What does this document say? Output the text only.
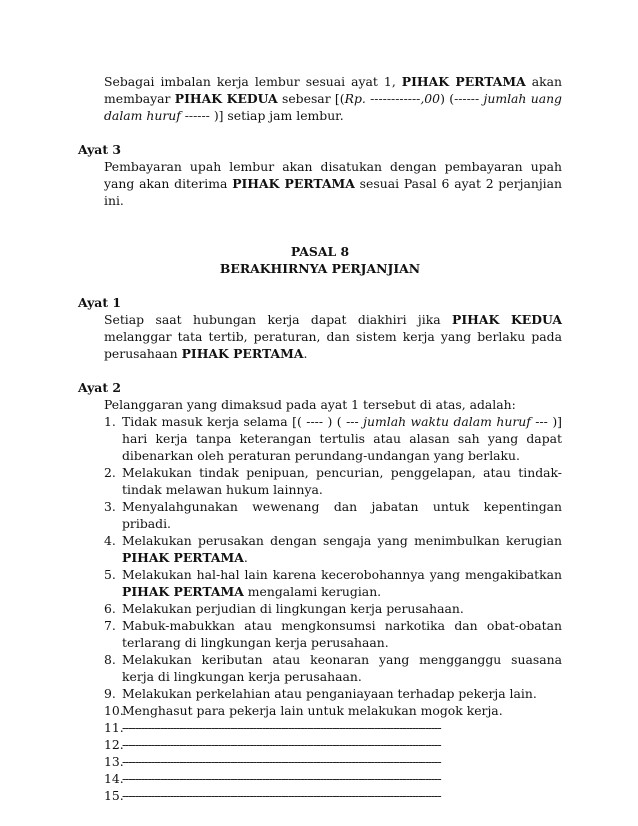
Sebagai imbalan kerja lembur sesuai ayat 1, PIHAK PERTAMA akan membayar PIHAK KEDUA sebesar [(Rp. ------------,00) (------ jumlah uang dalam huruf ------ )] setiap jam lembur.

Ayat 3

Pembayaran upah lembur akan disatukan dengan pembayaran upah yang akan diterima PIHAK PERTAMA sesuai Pasal 6 ayat 2 perjanjian ini.

PASAL 8

BERAKHIRNYA PERJANJIAN

Ayat 1

Setiap saat hubungan kerja dapat diakhiri jika PIHAK KEDUA melanggar tata tertib, peraturan, dan sistem kerja yang berlaku pada perusahaan PIHAK PERTAMA.

Ayat 2

Pelanggaran yang dimaksud pada ayat 1 tersebut di atas, adalah:

1. Tidak masuk kerja selama [( ---- ) ( --- jumlah waktu dalam huruf --- )] hari kerja tanpa keterangan tertulis atau alasan sah yang dapat dibenarkan oleh peraturan perundang-undangan yang berlaku.
2. Melakukan tindak penipuan, pencurian, penggelapan, atau tindak-tindak melawan hukum lainnya.
3. Menyalahgunakan wewenang dan jabatan untuk kepentingan pribadi.
4. Melakukan perusakan dengan sengaja yang menimbulkan kerugian PIHAK PERTAMA.
5. Melakukan hal-hal lain karena kecerobohannya yang mengakibatkan PIHAK PERTAMA mengalami kerugian.
6. Melakukan perjudian di lingkungan kerja perusahaan.
7. Mabuk-mabukkan atau mengkonsumsi narkotika dan obat-obatan terlarang di lingkungan kerja perusahaan.
8. Melakukan keributan atau keonaran yang mengganggu suasana kerja di lingkungan kerja perusahaan.
9. Melakukan perkelahian atau penganiayaan terhadap pekerja lain.
10.
Menghasut para pekerja lain untuk melakukan mogok kerja.
11.
----------------------------------------------------------------------------------------------------
12.
----------------------------------------------------------------------------------------------------
13.
----------------------------------------------------------------------------------------------------
14.
----------------------------------------------------------------------------------------------------
15.
----------------------------------------------------------------------------------------------------
